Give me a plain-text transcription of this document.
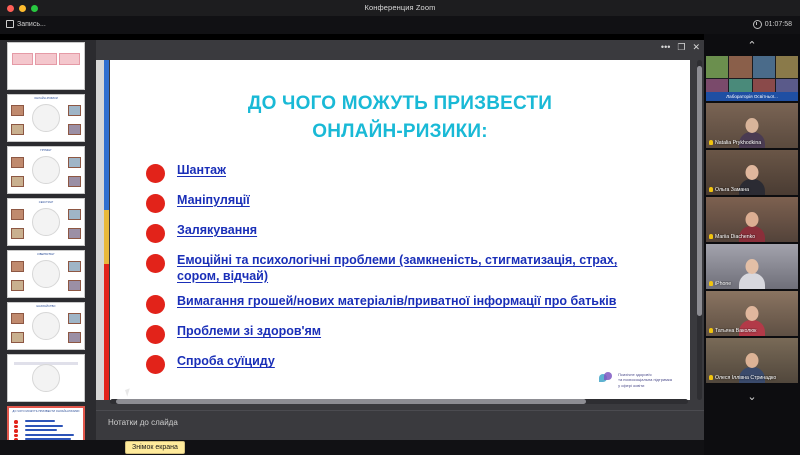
Конференция Zoom
Запись...	01:07:58
ОНЛАЙН-РИЗИКИ
ГРУМІНГ
СЕКСТИНГ
КІБЕРБУЛІНГ
ШАХРАЙСТВО
ДО ЧОГО МОЖУТЬ ПРИЗВЕСТИ ОНЛАЙН-РИЗИКИ
••• ❐ ✕
ДО ЧОГО МОЖУТЬ ПРИЗВЕСТИ
ОНЛАЙН-РИЗИКИ:
Шантаж
Маніпуляції
Залякування
Емоційні та психологічні проблеми (замкненість, стигматизація, страх, сором, відчай)
Вимагання грошей/нових матеріалів/приватної інформації про батьків
Проблеми зі здоров'ям
Спроба суїциду
Психічне здоров'я
та психосоціальна підтримка
у сфері освіти
Нотатки до слайда
⌃
Лабораторія Освітньої...
Natalia Prykhodkina
Ольга Замана
Mariia Diachenko
iPhone
Татьяна Ваколюк
Олеся Іллівна Стринадко
⌄
Знімок екрана
